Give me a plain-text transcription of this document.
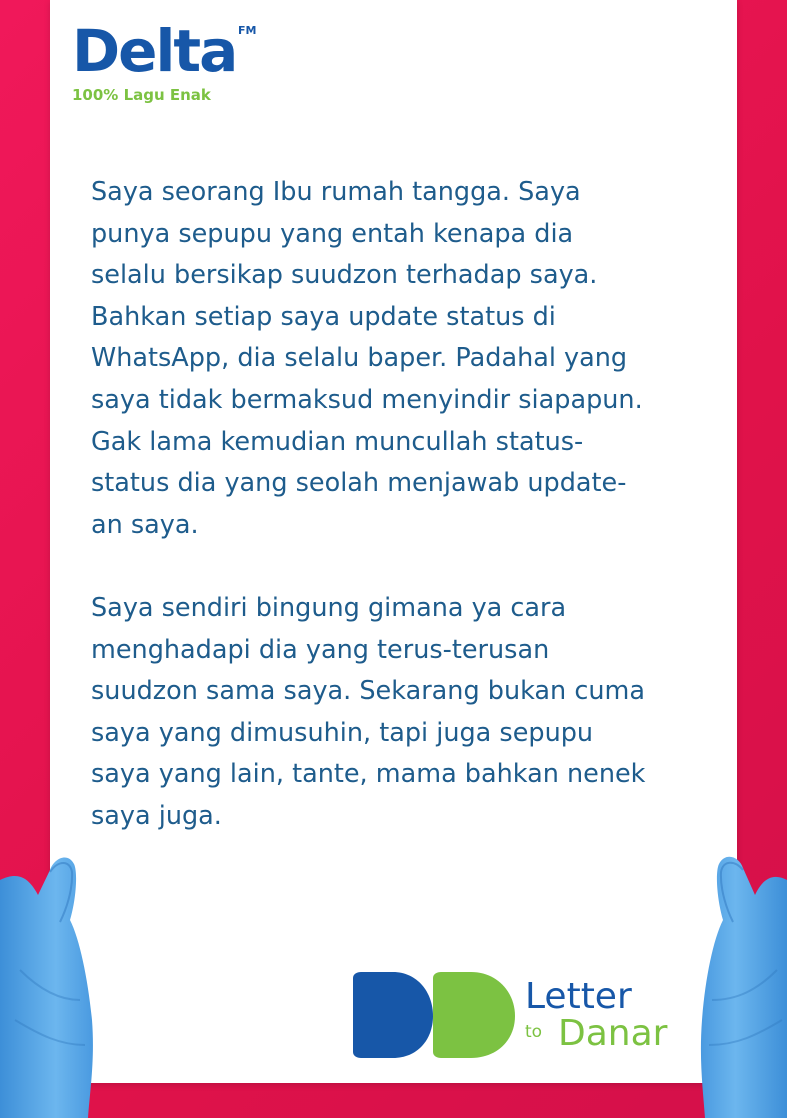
Delta FM
100% Lagu Enak

Saya seorang Ibu rumah tangga. Saya
punya sepupu yang entah kenapa dia
selalu bersikap suudzon terhadap saya.
Bahkan setiap saya update status di
WhatsApp, dia selalu baper. Padahal yang
saya tidak bermaksud menyindir siapapun.
Gak lama kemudian muncullah status-
status dia yang seolah menjawab update-
an saya.

Saya sendiri bingung gimana ya cara
menghadapi dia yang terus-terusan
suudzon sama saya. Sekarang bukan cuma
saya yang dimusuhin, tapi juga sepupu
saya yang lain, tante, mama bahkan nenek
saya juga.

Letter
to Danar
